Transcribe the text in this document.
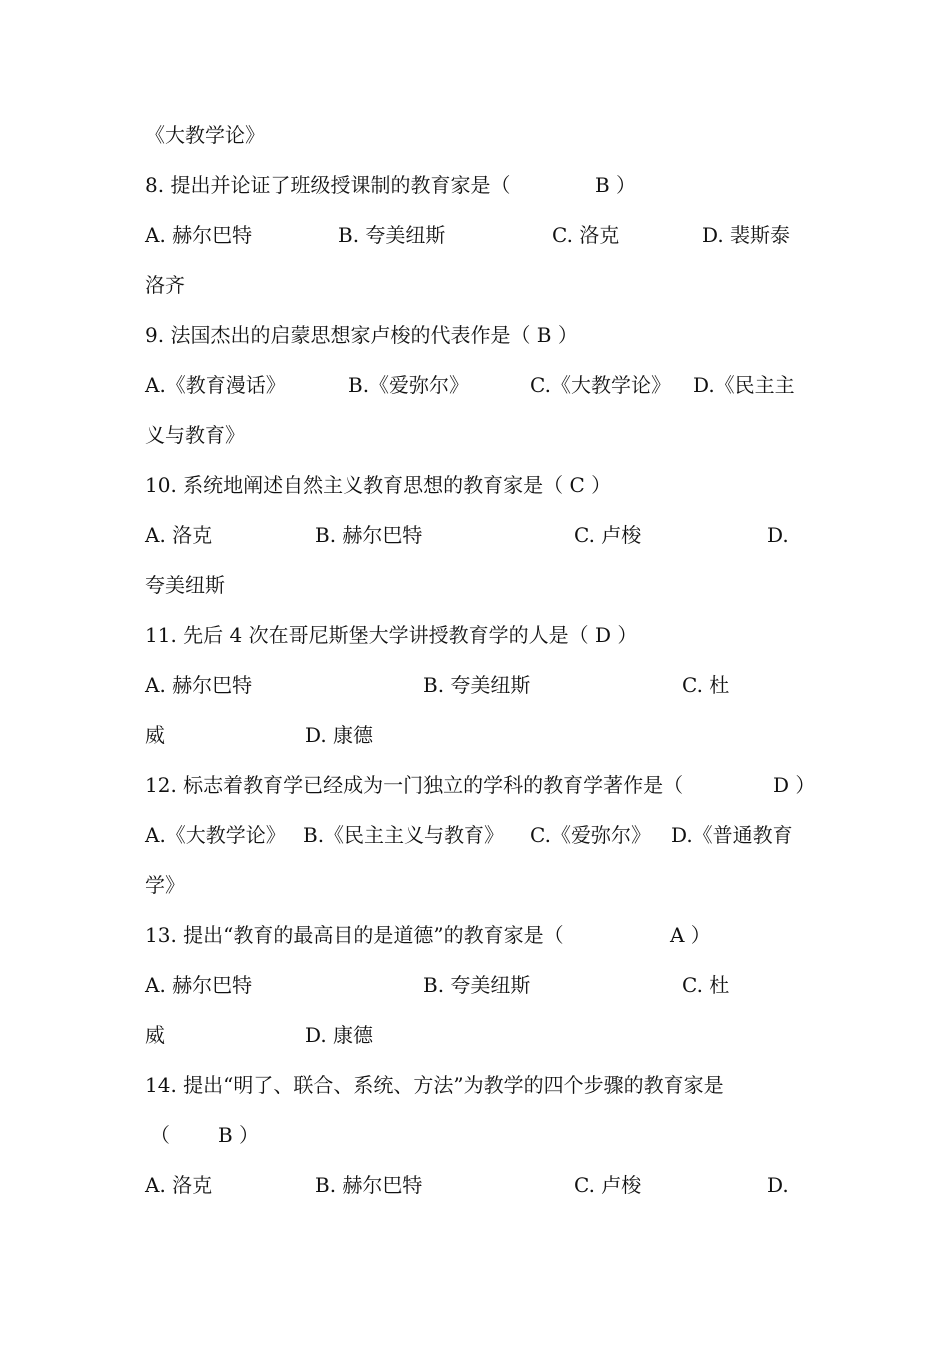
《大教学论》

8. 提出并论证了班级授课制的教育家是（

	B ）

A. 赫尔巴特

	B. 夸美纽斯

	C. 洛克

	D. 裴斯泰

洛齐

9. 法国杰出的启蒙思想家卢梭的代表作是（ B ）

A.《教育漫话》

	B.《爱弥尔》

	C.《大教学论》

D.《民主主

义与教育》

10. 系统地阐述自然主义教育思想的教育家是（ C ）

A. 洛克

	B. 赫尔巴特

	C. 卢梭

	D.

夸美纽斯

11. 先后 4 次在哥尼斯堡大学讲授教育学的人是（ D ）

A. 赫尔巴特

	B. 夸美纽斯

	C. 杜

威

	D. 康德

12. 标志着教育学已经成为一门独立的学科的教育学著作是（

	D ）

A.《大教学论》

B.《民主主义与教育》

C.《爱弥尔》

D.《普通教育

学》

13. 提出“教育的最高目的是道德”的教育家是（

	A ）

A. 赫尔巴特

	B. 夸美纽斯

	C. 杜

威

	D. 康德

14. 提出“明了、联合、系统、方法”为教学的四个步骤的教育家是

（

B ）

A. 洛克

	B. 赫尔巴特

	C. 卢梭

	D.
